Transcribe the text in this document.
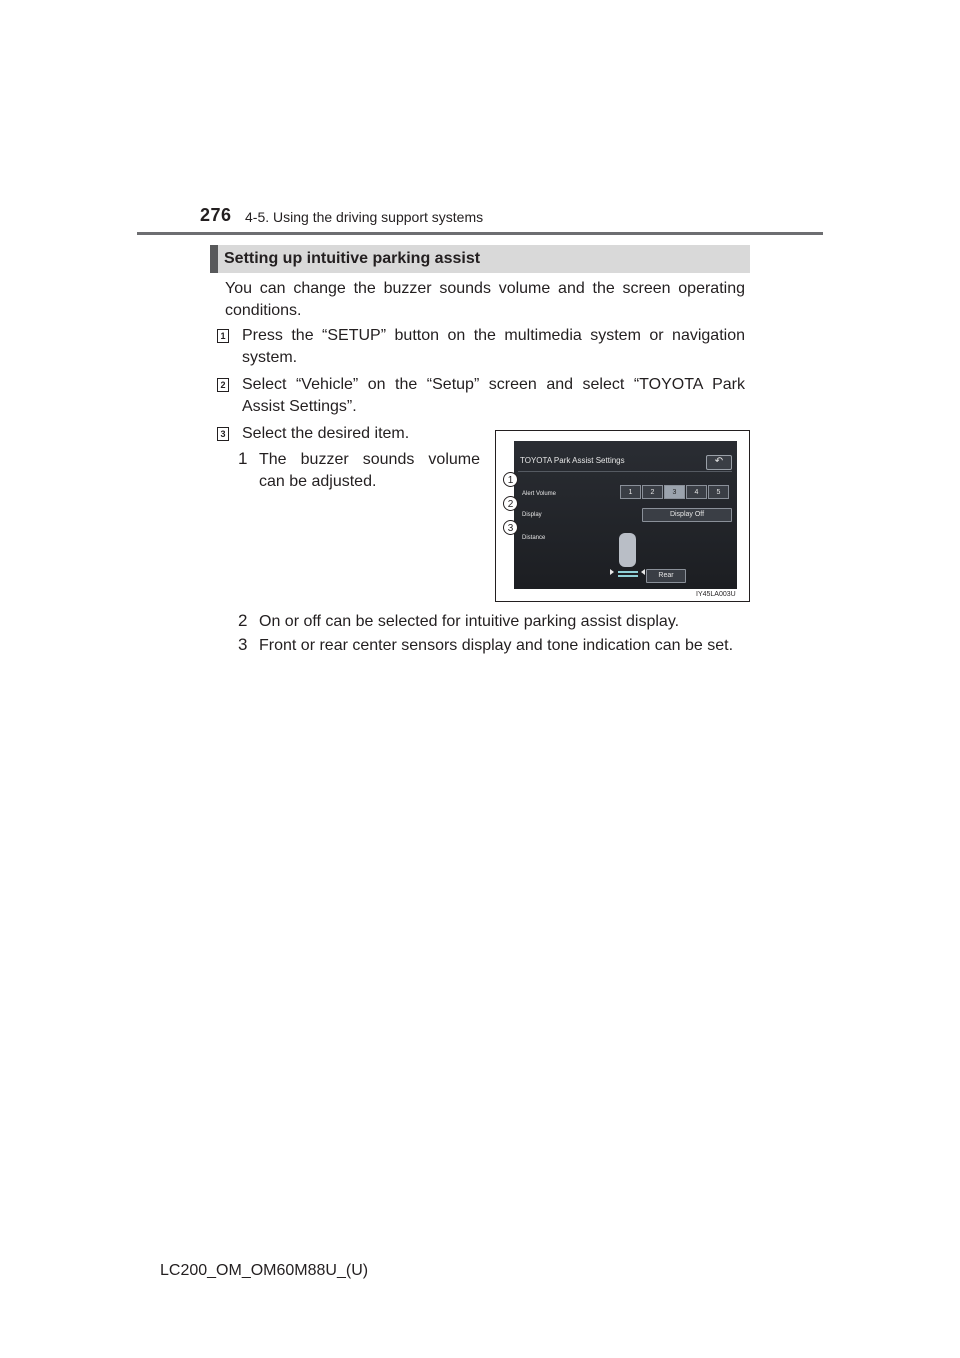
276 4-5. Using the driving support systems
Setting up intuitive parking assist
You can change the buzzer sounds volume and the screen operating conditions.
1 Press the “SETUP” button on the multimedia system or navigation system.
2 Select “Vehicle” on the “Setup” screen and select “TOYOTA Park Assist Settings”.
3 Select the desired item.
1 The buzzer sounds volume can be adjusted.
TOYOTA Park Assist Settings	↶
Alert Volume	1	2	3	4	5
Display	Display Off
Distance
Rear
1
2
3
IY45LA003U
2 On or off can be selected for intuitive parking assist display.
3 Front or rear center sensors display and tone indication can be set.
LC200_OM_OM60M88U_(U)
